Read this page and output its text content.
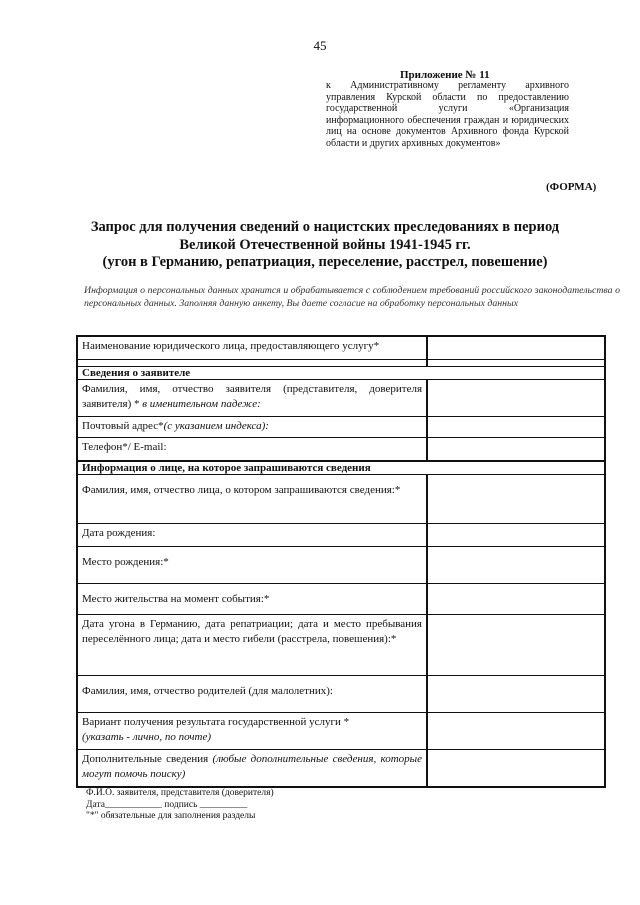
45
Приложение № 11
к Административному регламенту архивного управления Курской области по предоставлению государственной услуги «Организация информационного обеспечения граждан и юридических лиц на основе документов Архивного фонда Курской области и других архивных документов»
(ФОРМА)
Запрос для получения сведений о нацистских преследованиях в период
Великой Отечественной войны 1941-1945 гг.
(угон в Германию, репатриация, переселение, расстрел, повешение)
Информация о персональных данных хранится и обрабатывается с соблюдением требований российского законодательства о персональных данных. Заполняя данную анкету, Вы даете согласие на обработку персональных данных
Наименование юридического лица, предоставляющего услугу*
Сведения о заявителе
Фамилия, имя, отчество заявителя (представителя, доверителя заявителя) * в именительном падеже:
Почтовый адрес*(с указанием индекса):
Телефон*/ E-mail:
Информация о лице, на которое запрашиваются сведения
Фамилия, имя, отчество лица, о котором запрашиваются сведения:*
Дата рождения:
Место рождения:*
Место жительства на момент события:*
Дата угона в Германию, дата репатриации; дата и место пребывания переселённого лица; дата и место гибели (расстрела, повешения):*
Фамилия, имя, отчество родителей (для малолетних):
Вариант получения результата государственной услуги *
(указать - лично, по почте)
Дополнительные сведения (любые дополнительные сведения, которые могут помочь поиску)
Ф.И.О. заявителя, представителя (доверителя)
Дата____________ подпись __________
"*" обязательные для заполнения разделы
